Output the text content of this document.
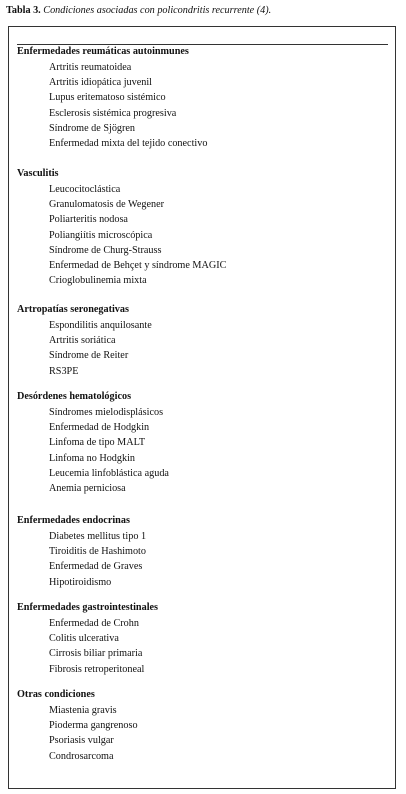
Tabla 3. Condiciones asociadas con policondritis recurrente (4).
Enfermedades reumáticas autoinmunes
Artritis reumatoidea
Artritis idiopática juvenil
Lupus eritematoso sistémico
Esclerosis sistémica progresiva
Síndrome de Sjögren
Enfermedad mixta del tejido conectivo
Vasculitis
Leucocitoclástica
Granulomatosis de Wegener
Poliarteritis nodosa
Poliangiítis microscópica
Síndrome de Churg-Strauss
Enfermedad de Behçet y síndrome MAGIC
Crioglobulinemia mixta
Artropatías seronegativas
Espondilitis anquilosante
Artritis soriática
Síndrome de Reiter
RS3PE
Desórdenes hematológicos
Síndromes mielodisplásicos
Enfermedad de Hodgkin
Linfoma de tipo MALT
Linfoma no Hodgkin
Leucemia linfoblástica aguda
Anemia perniciosa
Enfermedades endocrinas
Diabetes mellitus tipo 1
Tiroiditis de Hashimoto
Enfermedad de Graves
Hipotiroidismo
Enfermedades gastrointestinales
Enfermedad de Crohn
Colitis ulcerativa
Cirrosis biliar primaria
Fibrosis retroperitoneal
Otras condiciones
Miastenia gravis
Pioderma gangrenoso
Psoriasis vulgar
Condrosarcoma
